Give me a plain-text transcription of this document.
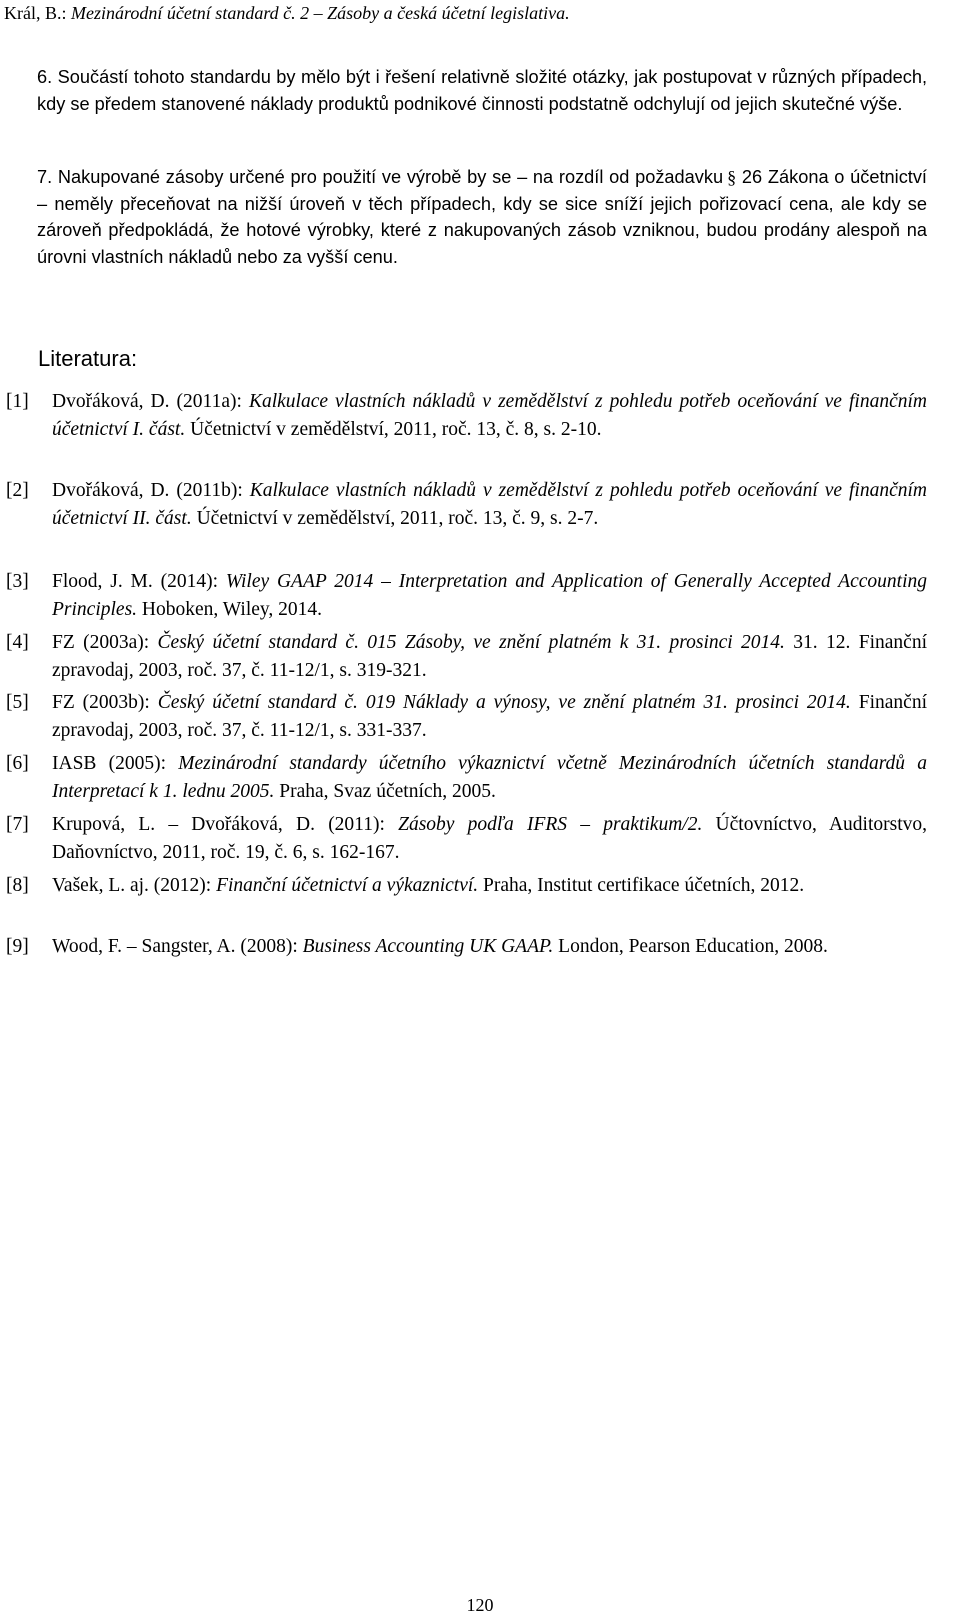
Král, B.: Mezinárodní účetní standard č. 2 – Zásoby a česká účetní legislativa.
6. Součástí tohoto standardu by mělo být i řešení relativně složité otázky, jak postupovat v různých případech, kdy se předem stanovené náklady produktů podnikové činnosti podstatně odchylují od jejich skutečné výše.
7. Nakupované zásoby určené pro použití ve výrobě by se – na rozdíl od požadavku § 26 Zákona o účetnictví – neměly přeceňovat na nižší úroveň v těch případech, kdy se sice sníží jejich pořizovací cena, ale kdy se zároveň předpokládá, že hotové výrobky, které z nakupovaných zásob vzniknou, budou prodány alespoň na úrovni vlastních nákladů nebo za vyšší cenu.
Literatura:
[1] Dvořáková, D. (2011a): Kalkulace vlastních nákladů v zemědělství z pohledu potřeb oceňování ve finančním účetnictví I. část. Účetnictví v zemědělství, 2011, roč. 13, č. 8, s. 2-10.
[2] Dvořáková, D. (2011b): Kalkulace vlastních nákladů v zemědělství z pohledu potřeb oceňování ve finančním účetnictví II. část. Účetnictví v zemědělství, 2011, roč. 13, č. 9, s. 2-7.
[3] Flood, J. M. (2014): Wiley GAAP 2014 – Interpretation and Application of Generally Accepted Accounting Principles. Hoboken, Wiley, 2014.
[4] FZ (2003a): Český účetní standard č. 015 Zásoby, ve znění platném k 31. prosinci 2014. 31. 12. Finanční zpravodaj, 2003, roč. 37, č. 11-12/1, s. 319-321.
[5] FZ (2003b): Český účetní standard č. 019 Náklady a výnosy, ve znění platném 31. prosinci 2014. Finanční zpravodaj, 2003, roč. 37, č. 11-12/1, s. 331-337.
[6] IASB (2005): Mezinárodní standardy účetního výkaznictví včetně Mezinárodních účetních standardů a Interpretací k 1. lednu 2005. Praha, Svaz účetních, 2005.
[7] Krupová, L. – Dvořáková, D. (2011): Zásoby podľa IFRS – praktikum/2. Účtovníctvo, Auditorstvo, Daňovníctvo, 2011, roč. 19, č. 6, s. 162-167.
[8] Vašek, L. aj. (2012): Finanční účetnictví a výkaznictví. Praha, Institut certifikace účetních, 2012.
[9] Wood, F. – Sangster, A. (2008): Business Accounting UK GAAP. London, Pearson Education, 2008.
120
